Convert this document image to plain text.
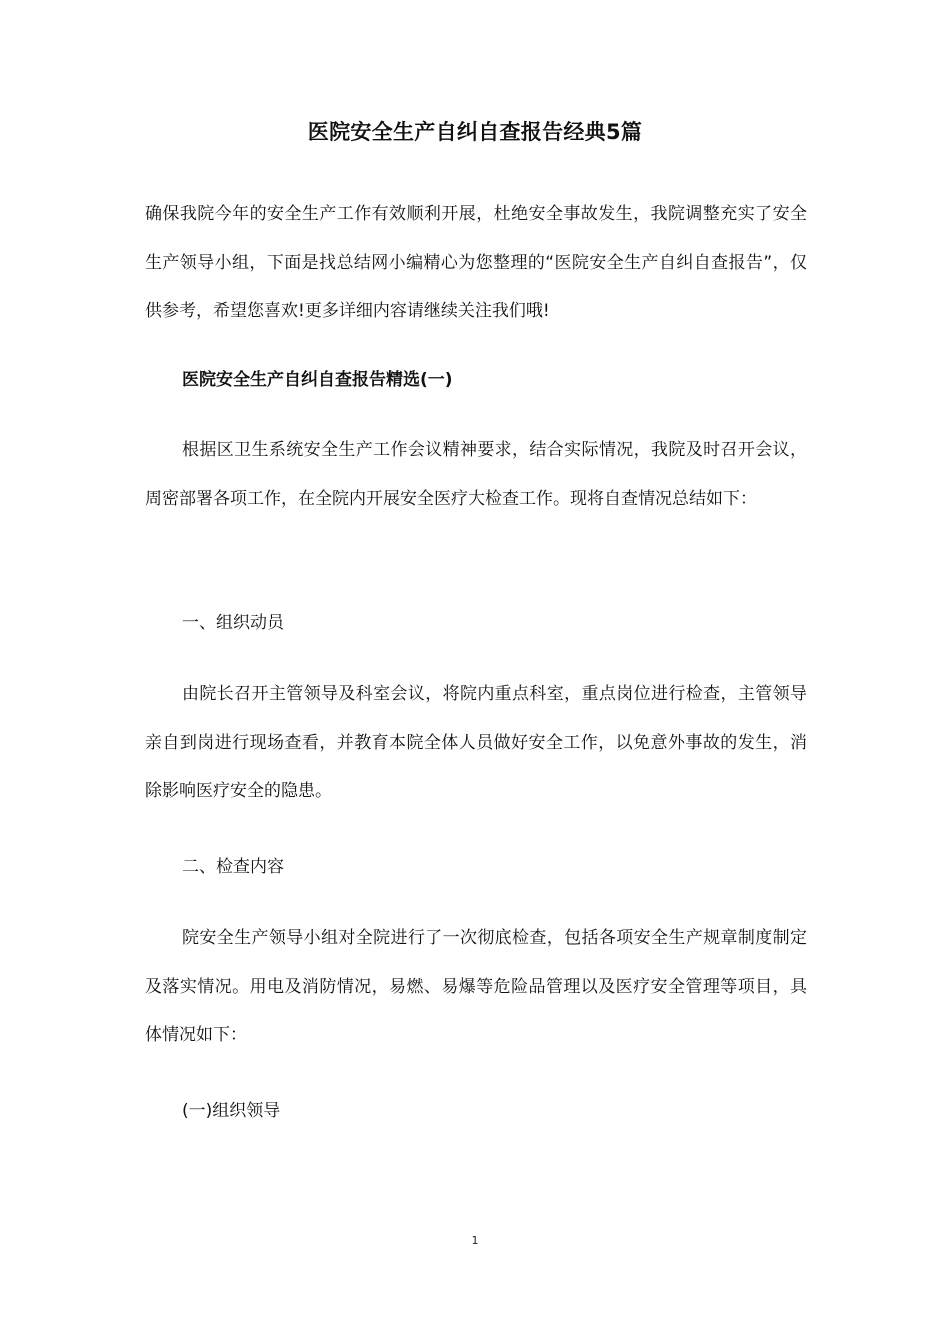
医院安全生产自纠自查报告经典5篇

确保我院今年的安全生产工作有效顺利开展，杜绝安全事故发生，我院调整充实了安全生产领导小组，下面是找总结网小编精心为您整理的“医院安全生产自纠自查报告”，仅供参考，希望您喜欢!更多详细内容请继续关注我们哦!

医院安全生产自纠自查报告精选(一)

根据区卫生系统安全生产工作会议精神要求，结合实际情况，我院及时召开会议，周密部署各项工作，在全院内开展安全医疗大检查工作。现将自查情况总结如下：

一、组织动员

由院长召开主管领导及科室会议，将院内重点科室，重点岗位进行检查，主管领导亲自到岗进行现场查看，并教育本院全体人员做好安全工作，以免意外事故的发生，消除影响医疗安全的隐患。

二、检查内容

院安全生产领导小组对全院进行了一次彻底检查，包括各项安全生产规章制度制定及落实情况。用电及消防情况，易燃、易爆等危险品管理以及医疗安全管理等项目，具体情况如下：

(一)组织领导

1
